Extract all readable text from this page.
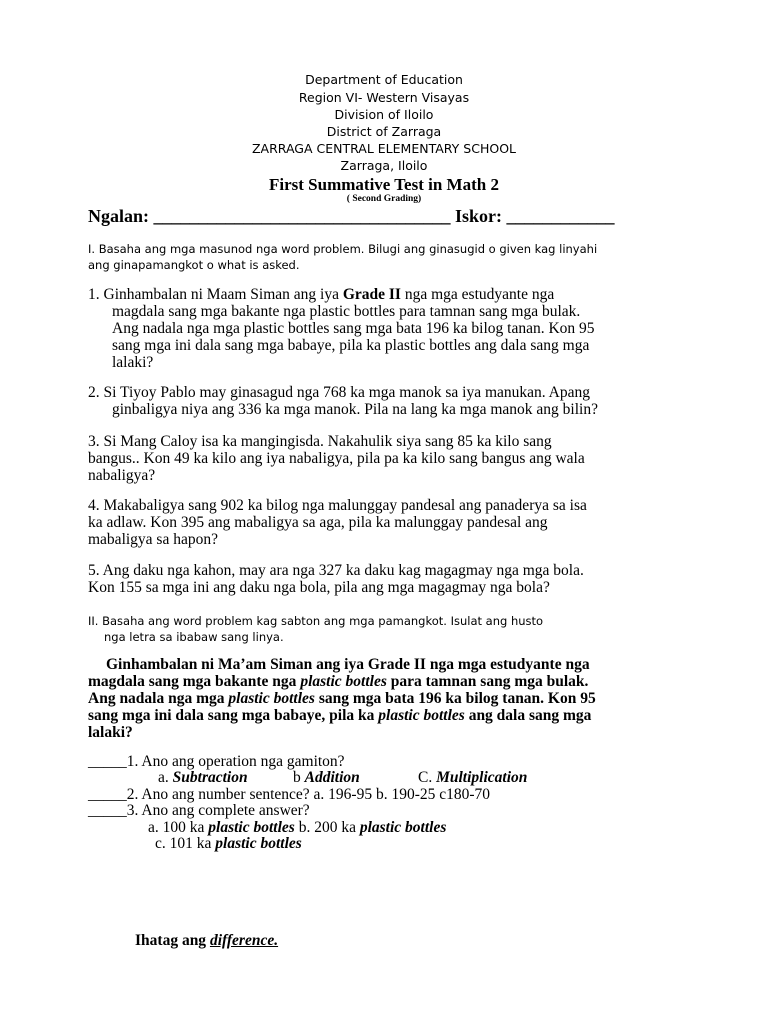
Department of Education
Region VI- Western Visayas
Division of Iloilo
District of Zarraga
ZARRAGA CENTRAL ELEMENTARY SCHOOL
Zarraga, Iloilo
First Summative Test in Math 2
( Second Grading)
Ngalan: _________________________________ Iskor: ____________
I. Basaha ang mga masunod nga word problem. Bilugi ang ginasugid o given kag linyahi
ang ginapamangkot o what is asked.
1. Ginhambalan ni Maam Siman ang iya Grade II nga mga estudyante nga
magdala sang mga bakante nga plastic bottles para tamnan sang mga bulak.
Ang nadala nga mga plastic bottles sang mga bata 196 ka bilog tanan. Kon 95
sang mga ini dala sang mga babaye, pila ka plastic bottles ang dala sang mga
lalaki?
2. Si Tiyoy Pablo may ginasagud nga 768 ka mga manok sa iya manukan. Apang
ginbaligya niya ang 336 ka mga manok. Pila na lang ka mga manok ang bilin?
3. Si Mang Caloy isa ka mangingisda. Nakahulik siya sang 85 ka kilo sang
bangus.. Kon 49 ka kilo ang iya nabaligya, pila pa ka kilo sang bangus ang wala
nabaligya?
4. Makabaligya sang 902 ka bilog nga malunggay pandesal ang panaderya sa isa
ka adlaw. Kon 395 ang mabaligya sa aga, pila ka malunggay pandesal ang
mabaligya sa hapon?
5. Ang daku nga kahon, may ara nga 327 ka daku kag magagmay nga mga bola.
Kon 155 sa mga ini ang daku nga bola, pila ang mga magagmay nga bola?
II. Basaha ang word problem kag sabton ang mga pamangkot. Isulat ang husto
nga letra sa ibabaw sang linya.
Ginhambalan ni Ma’am Siman ang iya Grade II nga mga estudyante nga
magdala sang mga bakante nga plastic bottles para tamnan sang mga bulak.
Ang nadala nga mga plastic bottles sang mga bata 196 ka bilog tanan. Kon 95
sang mga ini dala sang mga babaye, pila ka plastic bottles ang dala sang mga
lalaki?
_____1. Ano ang operation nga gamiton?
a. Subtraction	b Addition	C. Multiplication
_____2. Ano ang number sentence? a. 196-95 b. 190-25 c180-70
_____3. Ano ang complete answer?
a. 100 ka plastic bottles b. 200 ka plastic bottles
c. 101 ka plastic bottles
Ihatag ang difference.
